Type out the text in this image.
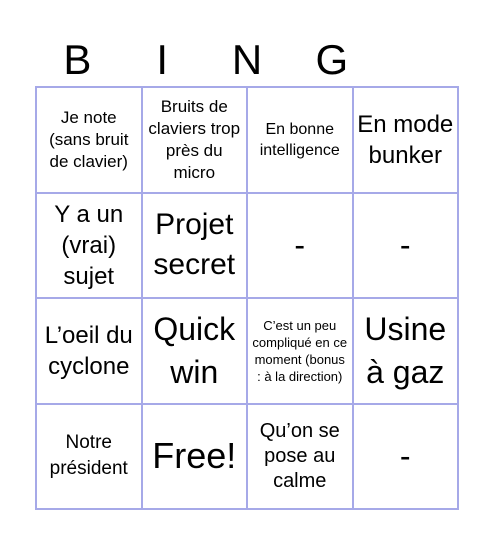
B	I	N	G
Je note (sans bruit de clavier)
Bruits de claviers trop près du micro
En bonne intelligence
En mode bunker
Y a un (vrai) sujet
Projet secret
-	-
L’oeil du cyclone
Quick win
C’est un peu compliqué en ce moment (bonus : à la direction)
Usine à gaz
Notre président Free!
Qu’on se pose au calme
-
